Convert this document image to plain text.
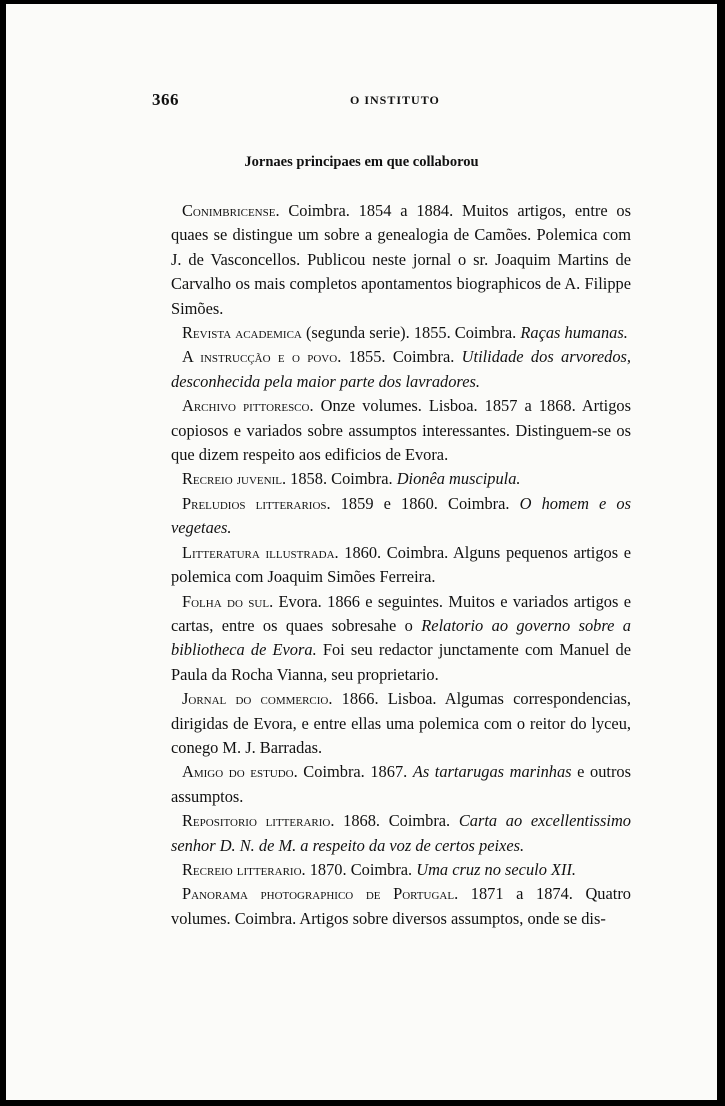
366	O INSTITUTO
Jornaes principaes em que collaborou

Conimbricense. Coimbra. 1854 a 1884. Muitos artigos, entre os quaes se distingue um sobre a genealogia de Camões. Polemica com J. de Vasconcellos. Publicou neste jornal o sr. Joaquim Martins de Carvalho os mais completos apontamentos biographicos de A. Filippe Simões.

Revista academica (segunda serie). 1855. Coimbra. Raças humanas.

A instrucção e o povo. 1855. Coimbra. Utilidade dos arvoredos, desconhecida pela maior parte dos lavradores.

Archivo pittoresco. Onze volumes. Lisboa. 1857 a 1868. Artigos copiosos e variados sobre assumptos interessantes. Distinguem-se os que dizem respeito aos edificios de Evora.

Recreio juvenil. 1858. Coimbra. Dionêa muscipula.

Preludios litterarios. 1859 e 1860. Coimbra. O homem e os vegetaes.

Litteratura illustrada. 1860. Coimbra. Alguns pequenos artigos e polemica com Joaquim Simões Ferreira.

Folha do sul. Evora. 1866 e seguintes. Muitos e variados artigos e cartas, entre os quaes sobresahe o Relatorio ao governo sobre a bibliotheca de Evora. Foi seu redactor junctamente com Manuel de Paula da Rocha Vianna, seu proprietario.

Jornal do commercio. 1866. Lisboa. Algumas correspondencias, dirigidas de Evora, e entre ellas uma polemica com o reitor do lyceu, conego M. J. Barradas.

Amigo do estudo. Coimbra. 1867. As tartarugas marinhas e outros assumptos.

Repositorio litterario. 1868. Coimbra. Carta ao excellentissimo senhor D. N. de M. a respeito da voz de certos peixes.

Recreio litterario. 1870. Coimbra. Uma cruz no seculo XII.

Panorama photographico de Portugal. 1871 a 1874. Quatro volumes. Coimbra. Artigos sobre diversos assumptos, onde se dis-
